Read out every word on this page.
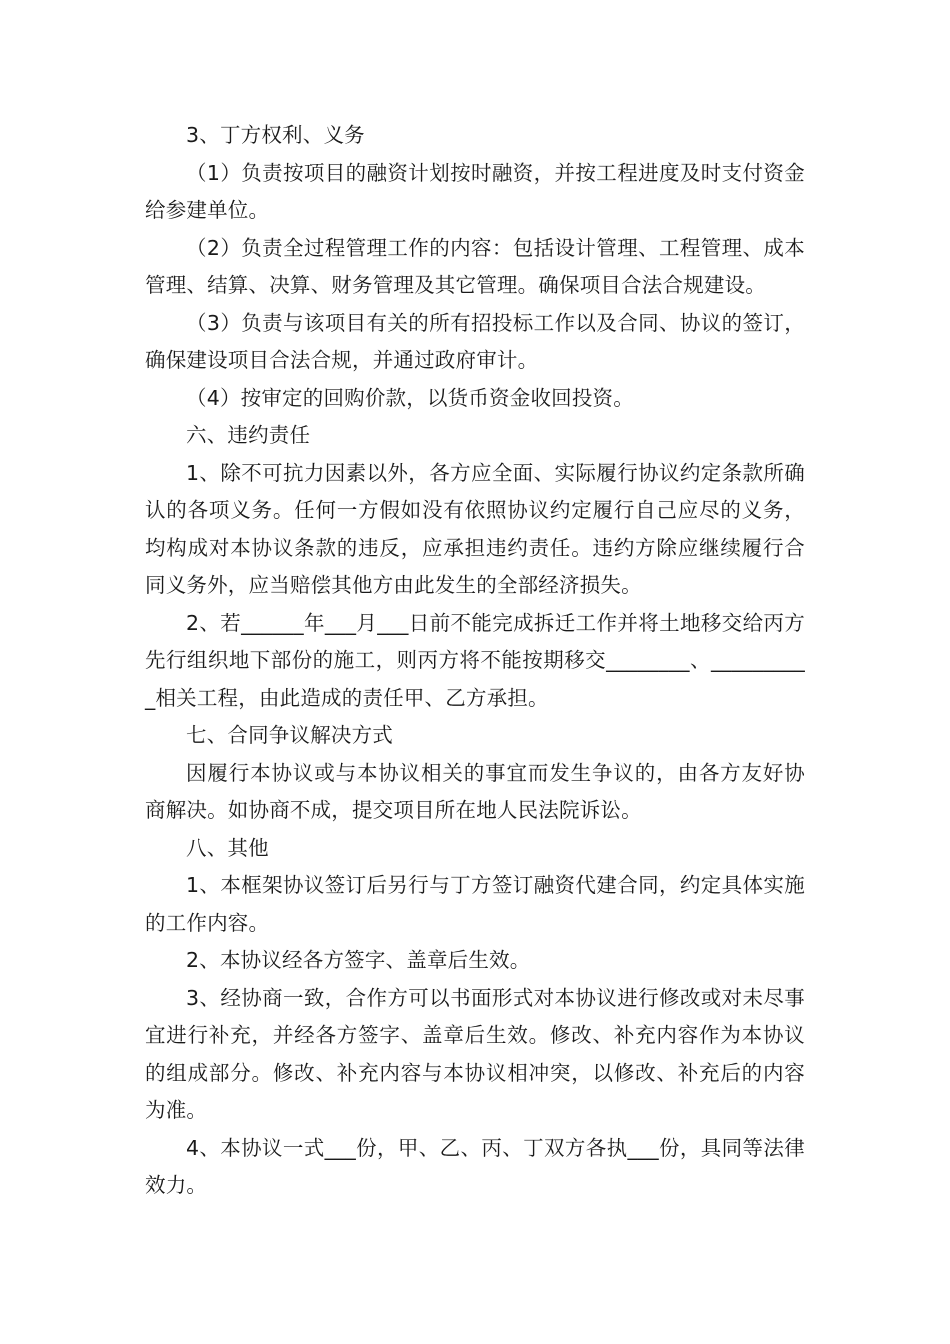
3、丁方权利、义务

（1）负责按项目的融资计划按时融资，并按工程进度及时支付资金给参建单位。

（2）负责全过程管理工作的内容：包括设计管理、工程管理、成本管理、结算、决算、财务管理及其它管理。确保项目合法合规建设。

（3）负责与该项目有关的所有招投标工作以及合同、协议的签订，确保建设项目合法合规，并通过政府审计。

（4）按审定的回购价款，以货币资金收回投资。

六、违约责任

1、除不可抗力因素以外，各方应全面、实际履行协议约定条款所确认的各项义务。任何一方假如没有依照协议约定履行自己应尽的义务，均构成对本协议条款的违反，应承担违约责任。违约方除应继续履行合同义务外，应当赔偿其他方由此发生的全部经济损失。

2、若______年___月___日前不能完成拆迁工作并将土地移交给丙方先行组织地下部份的施工，则丙方将不能按期移交________、__________相关工程，由此造成的责任甲、乙方承担。

七、合同争议解决方式

因履行本协议或与本协议相关的事宜而发生争议的，由各方友好协商解决。如协商不成，提交项目所在地人民法院诉讼。

八、其他

1、本框架协议签订后另行与丁方签订融资代建合同，约定具体实施的工作内容。

2、本协议经各方签字、盖章后生效。

3、经协商一致，合作方可以书面形式对本协议进行修改或对未尽事宜进行补充，并经各方签字、盖章后生效。修改、补充内容作为本协议的组成部分。修改、补充内容与本协议相冲突，以修改、补充后的内容为准。

4、本协议一式___份，甲、乙、丙、丁双方各执___份，具同等法律效力。
